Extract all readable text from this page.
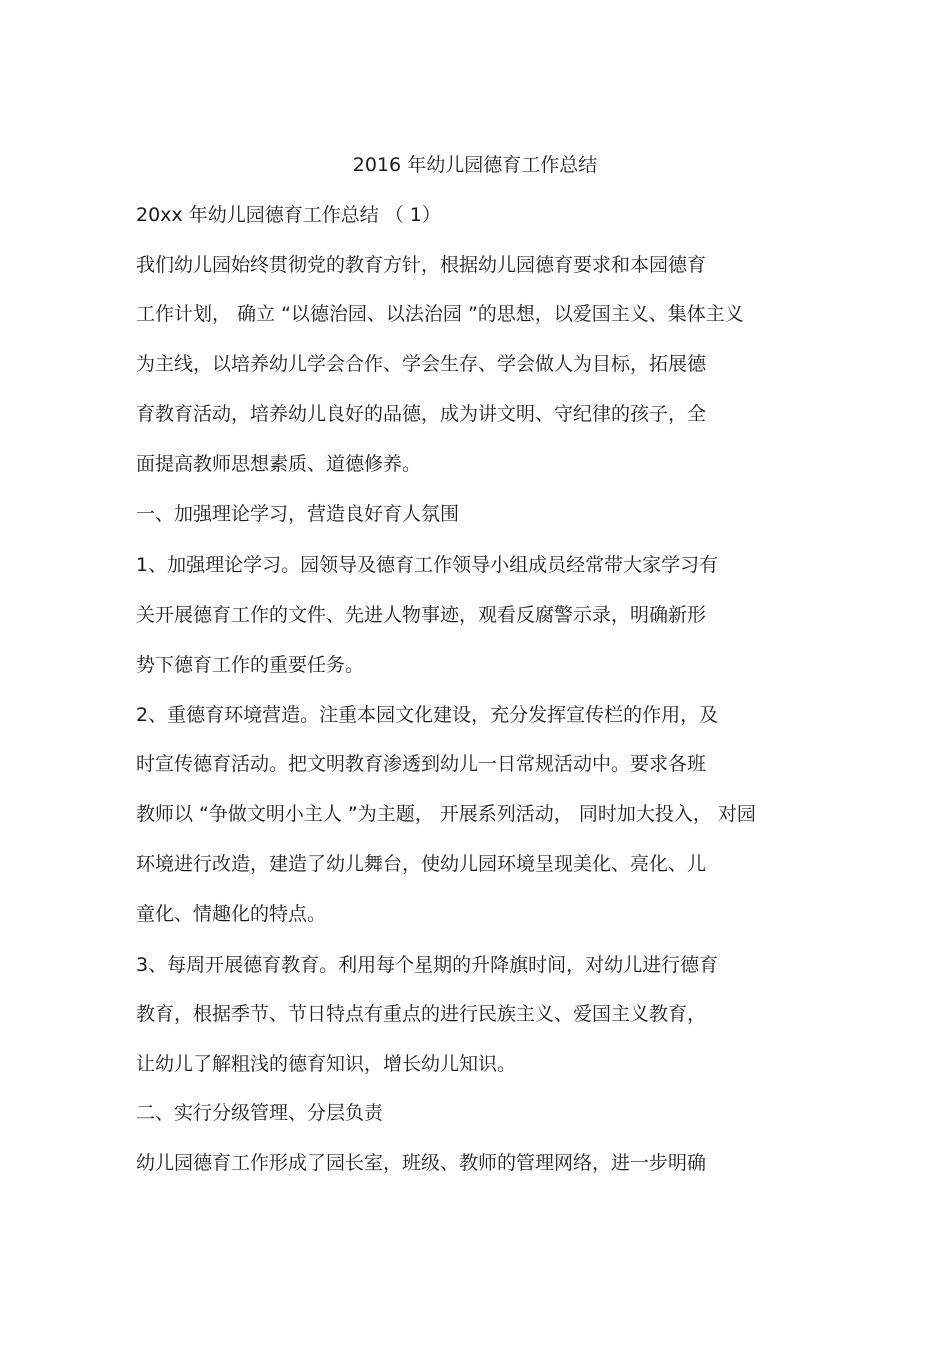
2016 年幼儿园德育工作总结
20xx 年幼儿园德育工作总结 （ 1）
我们幼儿园始终贯彻党的教育方针，根据幼儿园德育要求和本园德育
工作计划， 确立 “以德治园、以法治园 ”的思想，以爱国主义、集体主义
为主线，以培养幼儿学会合作、学会生存、学会做人为目标，拓展德
育教育活动，培养幼儿良好的品德，成为讲文明、守纪律的孩子，全
面提高教师思想素质、道德修养。
一、加强理论学习，营造良好育人氛围
1、加强理论学习。园领导及德育工作领导小组成员经常带大家学习有
关开展德育工作的文件、先进人物事迹，观看反腐警示录，明确新形
势下德育工作的重要任务。
2、重德育环境营造。注重本园文化建设，充分发挥宣传栏的作用，及
时宣传德育活动。把文明教育渗透到幼儿一日常规活动中。要求各班
教师以 “争做文明小主人 ”为主题， 开展系列活动， 同时加大投入， 对园
环境进行改造，建造了幼儿舞台，使幼儿园环境呈现美化、亮化、儿
童化、情趣化的特点。
3、每周开展德育教育。利用每个星期的升降旗时间，对幼儿进行德育
教育，根据季节、节日特点有重点的进行民族主义、爱国主义教育，
让幼儿了解粗浅的德育知识，增长幼儿知识。
二、实行分级管理、分层负责
幼儿园德育工作形成了园长室，班级、教师的管理网络，进一步明确
